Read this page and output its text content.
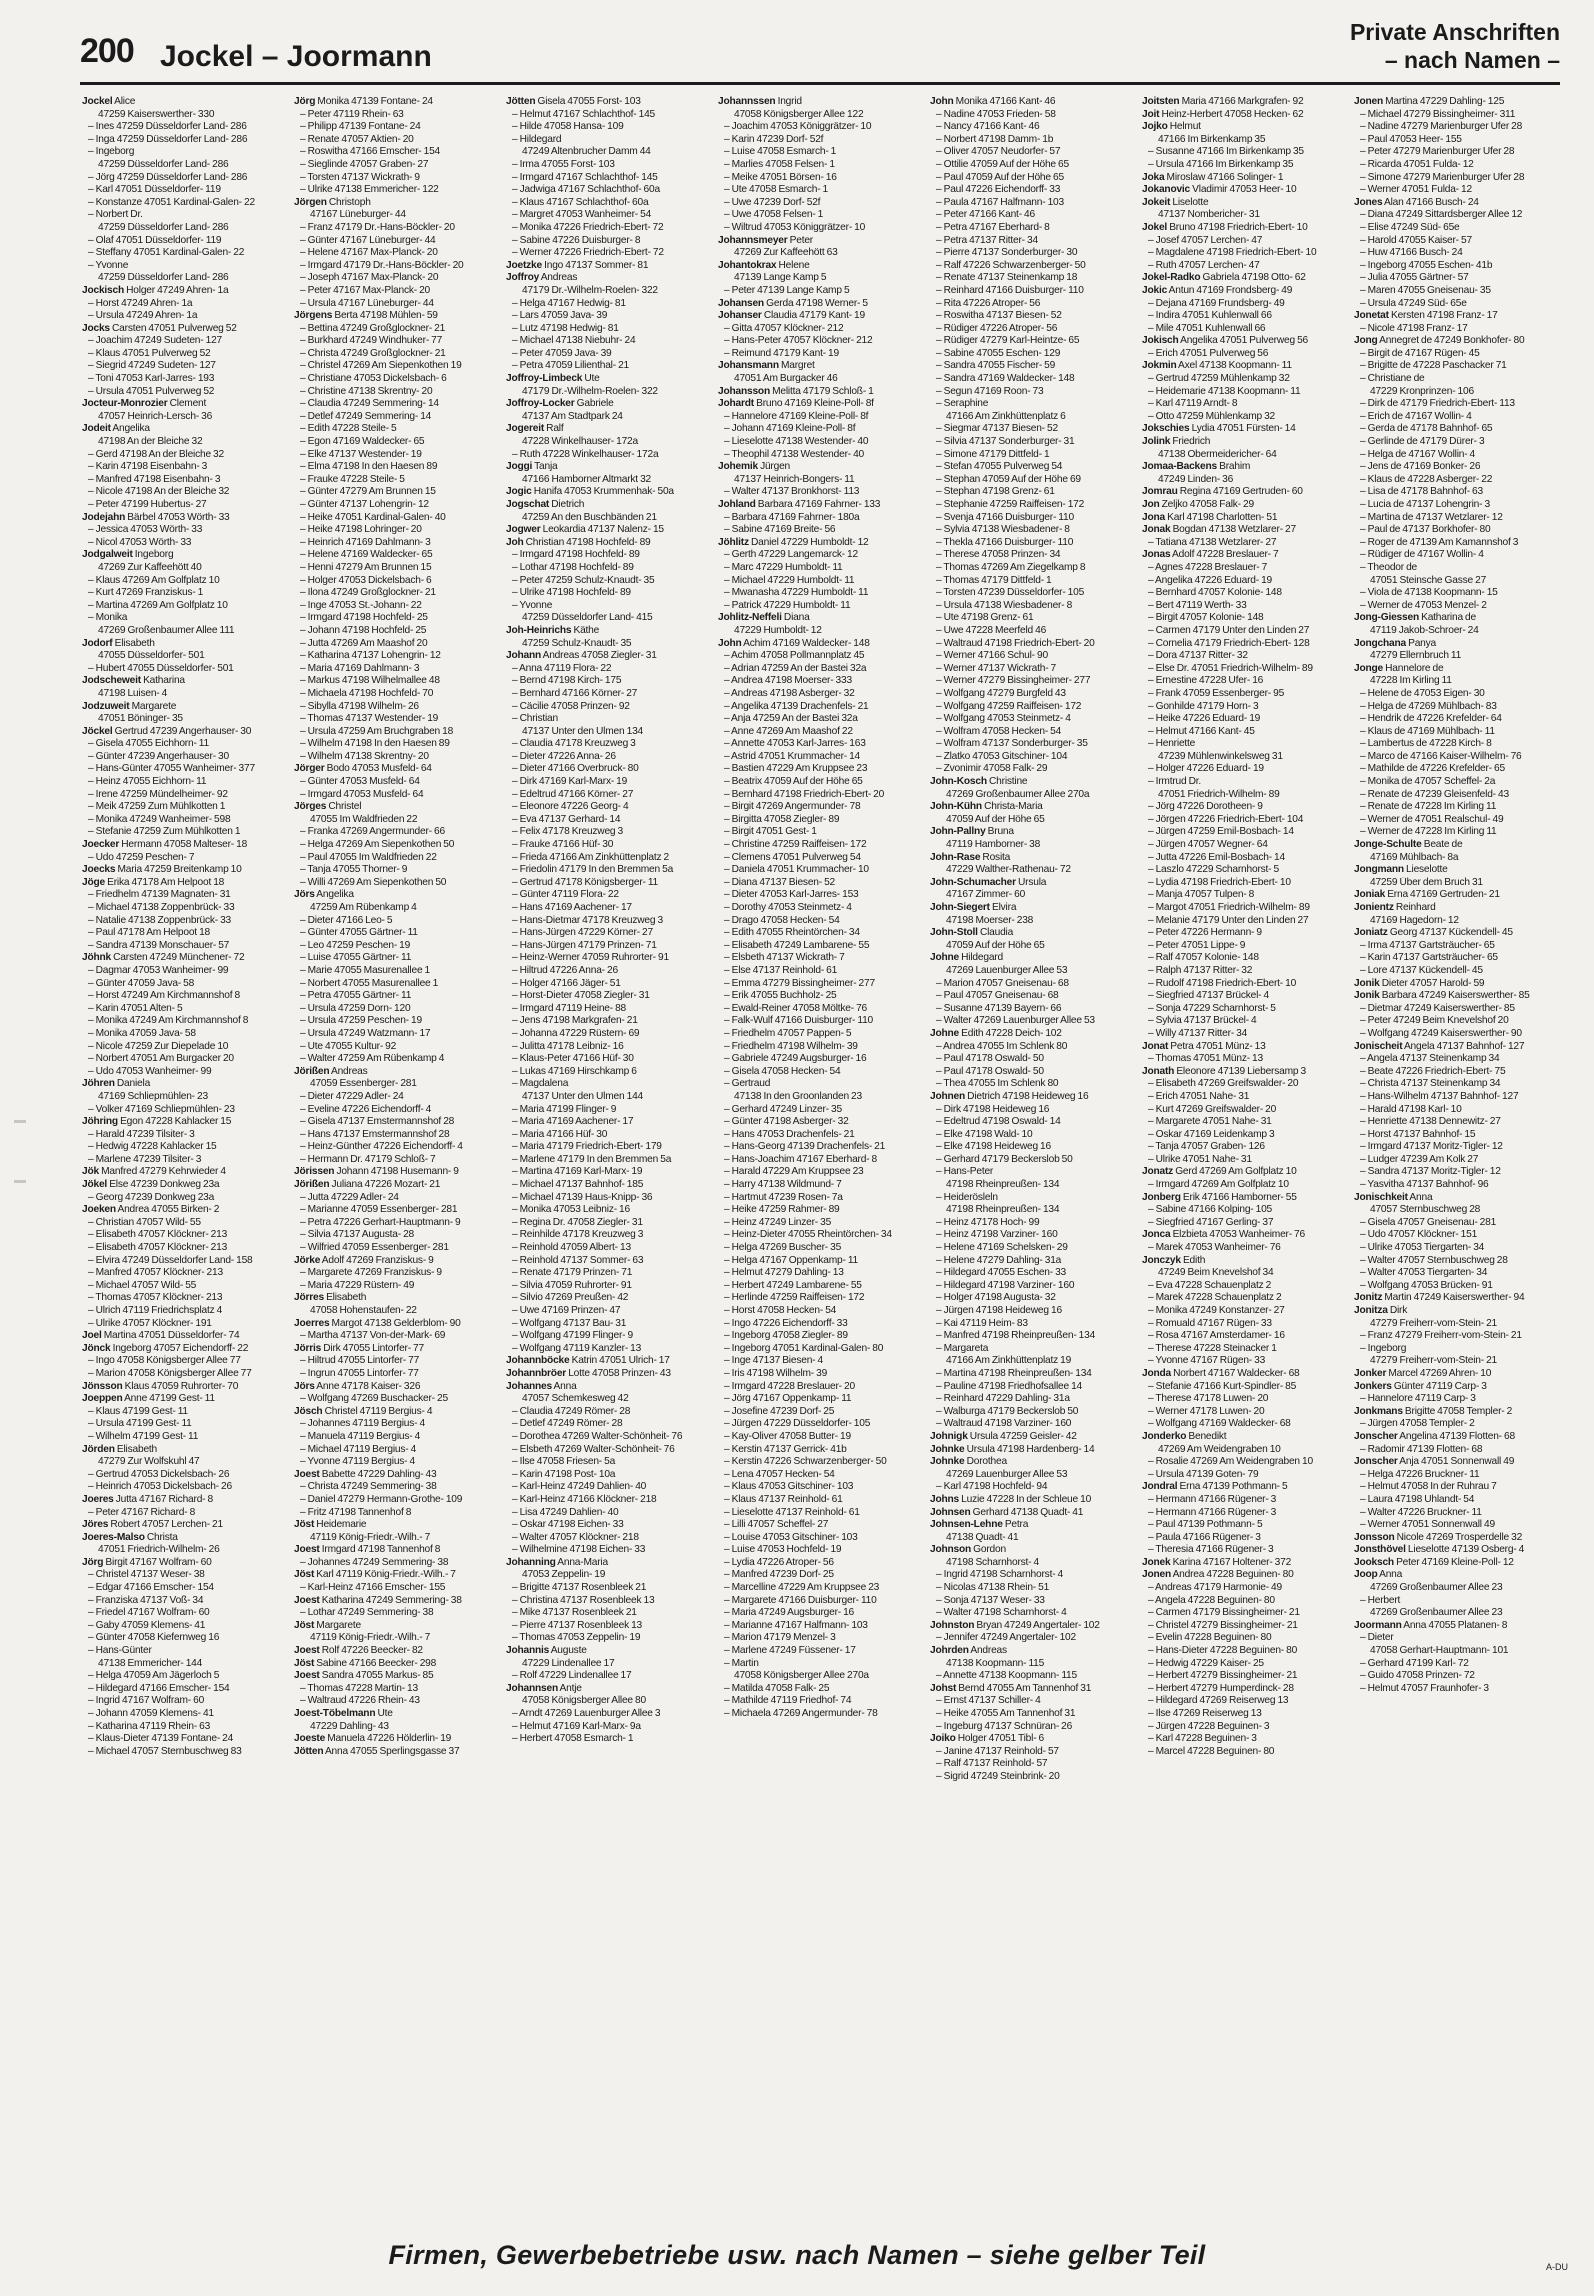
200 Jockel – Joormann
Private Anschriften
– nach Namen –
Jockel Alice
47259 Kaiserswerther- 330
– Ines 47259 Düsseldorfer Land- 286
– Inga 47259 Düsseldorfer Land- 286
– Ingeborg
47259 Düsseldorfer Land- 286
– Jörg 47259 Düsseldorfer Land- 286
– Karl 47051 Düsseldorfer- 119
– Konstanze 47051 Kardinal-Galen- 22
– Norbert Dr.
47259 Düsseldorfer Land- 286
– Olaf 47051 Düsseldorfer- 119
– Steffany 47051 Kardinal-Galen- 22
– Yvonne
47259 Düsseldorfer Land- 286
Jockisch Holger 47249 Ahren- 1a
– Horst 47249 Ahren- 1a
– Ursula 47249 Ahren- 1a
Jocks Carsten 47051 Pulverweg 52
– Joachim 47249 Sudeten- 127
– Klaus 47051 Pulverweg 52
– Siegrid 47249 Sudeten- 127
– Toni 47053 Karl-Jarres- 193
– Ursula 47051 Pulverweg 52
Jocteur-Monrozier Clement
47057 Heinrich-Lersch- 36
Jodeit Angelika
47198 An der Bleiche 32
– Gerd 47198 An der Bleiche 32
– Karin 47198 Eisenbahn- 3
– Manfred 47198 Eisenbahn- 3
– Nicole 47198 An der Bleiche 32
– Peter 47199 Hubertus- 27
Jodejahn Bärbel 47053 Wörth- 33
– Jessica 47053 Wörth- 33
– Nicol 47053 Wörth- 33
Jodgalweit Ingeborg
47269 Zur Kaffeehött 40
– Klaus 47269 Am Golfplatz 10
– Kurt 47269 Franziskus- 1
– Martina 47269 Am Golfplatz 10
– Monika
47269 Großenbaumer Allee 111
Jodorf Elisabeth
47055 Düsseldorfer- 501
– Hubert 47055 Düsseldorfer- 501
Jodscheweit Katharina
47198 Luisen- 4
Jodzuweit Margarete
47051 Böninger- 35
Jöckel Gertrud 47239 Angerhauser- 30
– Gisela 47055 Eichhorn- 11
– Günter 47239 Angerhauser- 30
– Hans-Günter 47055 Wanheimer- 377
– Heinz 47055 Eichhorn- 11
– Irene 47259 Mündelheimer- 92
– Meik 47259 Zum Mühlkotten 1
– Monika 47249 Wanheimer- 598
– Stefanie 47259 Zum Mühlkotten 1
Joecker Hermann 47058 Malteser- 18
– Udo 47259 Peschen- 7
Joecks Maria 47259 Breitenkamp 10
Jöge Erika 47178 Am Helpoot 18
– Friedhelm 47139 Magnaten- 31
– Michael 47138 Zoppenbrück- 33
– Natalie 47138 Zoppenbrück- 33
– Paul 47178 Am Helpoot 18
– Sandra 47139 Monschauer- 57
Jöhnk Carsten 47249 Münchener- 72
– Dagmar 47053 Wanheimer- 99
– Günter 47059 Java- 58
– Horst 47249 Am Kirchmannshof 8
– Karin 47051 Alten- 5
– Monika 47249 Am Kirchmannshof 8
– Monika 47059 Java- 58
– Nicole 47259 Zur Diepelade 10
– Norbert 47051 Am Burgacker 20
– Udo 47053 Wanheimer- 99
Jöhren Daniela
47169 Schliepmühlen- 23
– Volker 47169 Schliepmühlen- 23
Jöhring Egon 47228 Kahlacker 15
– Harald 47239 Tilsiter- 3
– Hedwig 47228 Kahlacker 15
– Marlene 47239 Tilsiter- 3
Jök Manfred 47279 Kehrwieder 4
Jökel Else 47239 Donkweg 23a
– Georg 47239 Donkweg 23a
Joeken Andrea 47055 Birken- 2
– Christian 47057 Wild- 55
– Elisabeth 47057 Klöckner- 213
– Elisabeth 47057 Klöckner- 213
– Elvira 47249 Düsseldorfer Land- 158
– Manfred 47057 Klöckner- 213
– Michael 47057 Wild- 55
– Thomas 47057 Klöckner- 213
– Ulrich 47119 Friedrichsplatz 4
– Ulrike 47057 Klöckner- 191
Joel Martina 47051 Düsseldorfer- 74
Jönck Ingeborg 47057 Eichendorff- 22
– Ingo 47058 Königsberger Allee 77
– Marion 47058 Königsberger Allee 77
Jönsson Klaus 47059 Ruhrorter- 70
Joeppen Anne 47199 Gest- 11
– Klaus 47199 Gest- 11
– Ursula 47199 Gest- 11
– Wilhelm 47199 Gest- 11
Jörden Elisabeth
47279 Zur Wolfskuhl 47
– Gertrud 47053 Dickelsbach- 26
– Heinrich 47053 Dickelsbach- 26
Joeres Jutta 47167 Richard- 8
– Peter 47167 Richard- 8
Jöres Robert 47057 Lerchen- 21
Joeres-Malso Christa
47051 Friedrich-Wilhelm- 26
Jörg Birgit 47167 Wolfram- 60
– Christel 47137 Weser- 38
– Edgar 47166 Emscher- 154
– Franziska 47137 Voß- 34
– Friedel 47167 Wolfram- 60
– Gaby 47059 Klemens- 41
– Günter 47058 Kiefernweg 16
– Hans-Günter
47138 Emmericher- 144
– Helga 47059 Am Jägerloch 5
– Hildegard 47166 Emscher- 154
– Ingrid 47167 Wolfram- 60
– Johann 47059 Klemens- 41
– Katharina 47119 Rhein- 63
– Klaus-Dieter 47139 Fontane- 24
– Michael 47057 Sternbuschweg 83
Jörg Monika 47139 Fontane- 24
– Peter 47119 Rhein- 63
– Philipp 47139 Fontane- 24
– Renate 47057 Aktien- 20
– Roswitha 47166 Emscher- 154
– Sieglinde 47057 Graben- 27
– Torsten 47137 Wickrath- 9
– Ulrike 47138 Emmericher- 122
Jörgen Christoph
47167 Lüneburger- 44
– Franz 47179 Dr.-Hans-Böckler- 20
– Günter 47167 Lüneburger- 44
– Helene 47167 Max-Planck- 20
– Irmgard 47179 Dr.-Hans-Böckler- 20
– Joseph 47167 Max-Planck- 20
– Peter 47167 Max-Planck- 20
– Ursula 47167 Lüneburger- 44
Jörgens Berta 47198 Mühlen- 59
– Bettina 47249 Großglockner- 21
– Burkhard 47249 Windhuker- 77
– Christa 47249 Großglockner- 21
– Christel 47269 Am Siepenkothen 19
– Christiane 47053 Dickelsbach- 6
– Christine 47138 Skrentny- 20
– Claudia 47249 Semmering- 14
– Detlef 47249 Semmering- 14
– Edith 47228 Steile- 5
– Egon 47169 Waldecker- 65
– Elke 47137 Westender- 19
– Elma 47198 In den Haesen 89
– Frauke 47228 Steile- 5
– Günter 47279 Am Brunnen 15
– Günter 47137 Lohengrin- 12
– Heike 47051 Kardinal-Galen- 40
– Heike 47198 Lohringer- 20
– Heinrich 47169 Dahlmann- 3
– Helene 47169 Waldecker- 65
– Henni 47279 Am Brunnen 15
– Holger 47053 Dickelsbach- 6
– Ilona 47249 Großglockner- 21
– Inge 47053 St.-Johann- 22
– Irmgard 47198 Hochfeld- 25
– Johann 47198 Hochfeld- 25
– Jutta 47269 Am Maashof 20
– Katharina 47137 Lohengrin- 12
– Maria 47169 Dahlmann- 3
– Markus 47198 Wilhelmallee 48
– Michaela 47198 Hochfeld- 70
– Sibylla 47198 Wilhelm- 26
– Thomas 47137 Westender- 19
– Ursula 47259 Am Bruchgraben 18
– Wilhelm 47198 In den Haesen 89
– Wilhelm 47138 Skrentny- 20
Jörger Bodo 47053 Musfeld- 64
– Günter 47053 Musfeld- 64
– Irmgard 47053 Musfeld- 64
Jörges Christel
47055 Im Waldfrieden 22
– Franka 47269 Angermunder- 66
– Helga 47269 Am Siepenkothen 50
– Paul 47055 Im Waldfrieden 22
– Tanja 47055 Thorner- 9
– Willi 47269 Am Siepenkothen 50
Jörs Angelika
47259 Am Rübenkamp 4
– Dieter 47166 Leo- 5
– Günter 47055 Gärtner- 11
– Leo 47259 Peschen- 19
– Luise 47055 Gärtner- 11
– Marie 47055 Masurenallee 1
– Norbert 47055 Masurenallee 1
– Petra 47055 Gärtner- 11
– Ursula 47259 Dorn- 120
– Ursula 47259 Peschen- 19
– Ursula 47249 Watzmann- 17
– Ute 47055 Kultur- 92
– Walter 47259 Am Rübenkamp 4
Jörißen Andreas
47059 Essenberger- 281
– Dieter 47229 Adler- 24
– Eveline 47226 Eichendorff- 4
– Gisela 47137 Emstermannshof 28
– Hans 47137 Emstermannshof 28
– Heinz-Günther 47226 Eichendorff- 4
– Hermann Dr. 47179 Schloß- 7
Jörissen Johann 47198 Husemann- 9
Jörißen Juliana 47226 Mozart- 21
– Jutta 47229 Adler- 24
– Marianne 47059 Essenberger- 281
– Petra 47226 Gerhart-Hauptmann- 9
– Silvia 47137 Augusta- 28
– Wilfried 47059 Essenberger- 281
Jörke Adolf 47269 Franziskus- 9
– Margarete 47269 Franziskus- 9
– Maria 47229 Rüstern- 49
Jörres Elisabeth
47058 Hohenstaufen- 22
Joerres Margot 47138 Gelderblom- 90
– Martha 47137 Von-der-Mark- 69
Jörris Dirk 47055 Lintorfer- 77
– Hiltrud 47055 Lintorfer- 77
– Ingrun 47055 Lintorfer- 77
Jörs Anne 47178 Kaiser- 326
– Wolfgang 47269 Buschacker- 25
Jösch Christel 47119 Bergius- 4
– Johannes 47119 Bergius- 4
– Manuela 47119 Bergius- 4
– Michael 47119 Bergius- 4
– Yvonne 47119 Bergius- 4
Joest Babette 47229 Dahling- 43
– Christa 47249 Semmering- 38
– Daniel 47279 Hermann-Grothe- 109
– Fritz 47198 Tannenhof 8
Jöst Heidemarie
47119 König-Friedr.-Wilh.- 7
Joest Irmgard 47198 Tannenhof 8
– Johannes 47249 Semmering- 38
Jöst Karl 47119 König-Friedr.-Wilh.- 7
– Karl-Heinz 47166 Emscher- 155
Joest Katharina 47249 Semmering- 38
– Lothar 47249 Semmering- 38
Jöst Margarete
47119 König-Friedr.-Wilh.- 7
Joest Rolf 47226 Beecker- 82
Jöst Sabine 47166 Beecker- 298
Joest Sandra 47055 Markus- 85
– Thomas 47228 Martin- 13
– Waltraud 47226 Rhein- 43
Joest-Töbelmann Ute
47229 Dahling- 43
Joeste Manuela 47226 Hölderlin- 19
Jötten Anna 47055 Sperlingsgasse 37
Jötten Gisela 47055 Forst- 103
– Helmut 47167 Schlachthof- 145
– Hilde 47058 Hansa- 109
– Hildegard
47249 Altenbrucher Damm 44
– Irma 47055 Forst- 103
– Irmgard 47167 Schlachthof- 145
– Jadwiga 47167 Schlachthof- 60a
– Klaus 47167 Schlachthof- 60a
– Margret 47053 Wanheimer- 54
– Monika 47226 Friedrich-Ebert- 72
– Sabine 47226 Duisburger- 8
– Werner 47226 Friedrich-Ebert- 72
Joetzke Ingo 47137 Sommer- 81
Joffroy Andreas
47179 Dr.-Wilhelm-Roelen- 322
– Helga 47167 Hedwig- 81
– Lars 47059 Java- 39
– Lutz 47198 Hedwig- 81
– Michael 47138 Niebuhr- 24
– Peter 47059 Java- 39
– Petra 47059 Lilienthal- 21
Joffroy-Limbeck Ute
47179 Dr.-Wilhelm-Roelen- 322
Joffroy-Locker Gabriele
47137 Am Stadtpark 24
Jogereit Ralf
47228 Winkelhauser- 172a
– Ruth 47228 Winkelhauser- 172a
Joggi Tanja
47166 Hamborner Altmarkt 32
Jogic Hanifa 47053 Krummenhak- 50a
Jogschat Dietrich
47259 An den Buschbänden 21
Jogwer Leokardia 47137 Nalenz- 15
Joh Christian 47198 Hochfeld- 89
– Irmgard 47198 Hochfeld- 89
– Lothar 47198 Hochfeld- 89
– Peter 47259 Schulz-Knaudt- 35
– Ulrike 47198 Hochfeld- 89
– Yvonne
47259 Düsseldorfer Land- 415
Joh-Heinrichs Käthe
47259 Schulz-Knaudt- 35
Johann Andreas 47058 Ziegler- 31
– Anna 47119 Flora- 22
– Bernd 47198 Kirch- 175
– Bernhard 47166 Körner- 27
– Cäcilie 47058 Prinzen- 92
– Christian
47137 Unter den Ulmen 134
– Claudia 47178 Kreuzweg 3
– Dieter 47226 Anna- 26
– Dieter 47166 Overbruck- 80
– Dirk 47169 Karl-Marx- 19
– Edeltrud 47166 Körner- 27
– Eleonore 47226 Georg- 4
– Eva 47137 Gerhard- 14
– Felix 47178 Kreuzweg 3
– Frauke 47166 Hüf- 30
– Frieda 47166 Am Zinkhüttenplatz 2
– Friedolin 47179 In den Bremmen 5a
– Gertrud 47178 Königsberger- 11
– Günter 47119 Flora- 22
– Hans 47169 Aachener- 17
– Hans-Dietmar 47178 Kreuzweg 3
– Hans-Jürgen 47229 Körner- 27
– Hans-Jürgen 47179 Prinzen- 71
– Heinz-Werner 47059 Ruhrorter- 91
– Hiltrud 47226 Anna- 26
– Holger 47166 Jäger- 51
– Horst-Dieter 47058 Ziegler- 31
– Irmgard 47119 Heine- 88
– Jens 47198 Markgrafen- 21
– Johanna 47229 Rüstern- 69
– Julitta 47178 Leibniz- 16
– Klaus-Peter 47166 Hüf- 30
– Lukas 47169 Hirschkamp 6
– Magdalena
47137 Unter den Ulmen 144
– Maria 47199 Flinger- 9
– Maria 47169 Aachener- 17
– Maria 47166 Hüf- 30
– Maria 47179 Friedrich-Ebert- 179
– Marlene 47179 In den Bremmen 5a
– Martina 47169 Karl-Marx- 19
– Michael 47137 Bahnhof- 185
– Michael 47139 Haus-Knipp- 36
– Monika 47053 Leibniz- 16
– Regina Dr. 47058 Ziegler- 31
– Reinhilde 47178 Kreuzweg 3
– Reinhold 47059 Albert- 13
– Reinhold 47137 Sommer- 63
– Renate 47179 Prinzen- 71
– Silvia 47059 Ruhrorter- 91
– Silvio 47269 Preußen- 42
– Uwe 47169 Prinzen- 47
– Wolfgang 47137 Bau- 31
– Wolfgang 47199 Flinger- 9
– Wolfgang 47119 Kanzler- 13
Johannböcke Katrin 47051 Ulrich- 17
Johannbröer Lotte 47058 Prinzen- 43
Johannes Anna
47057 Schemkesweg 42
– Claudia 47249 Römer- 28
– Detlef 47249 Römer- 28
– Dorothea 47269 Walter-Schönheit- 76
– Elsbeth 47269 Walter-Schönheit- 76
– Ilse 47058 Friesen- 5a
– Karin 47198 Post- 10a
– Karl-Heinz 47249 Dahlien- 40
– Karl-Heinz 47166 Klöckner- 218
– Lisa 47249 Dahlien- 40
– Oskar 47198 Eichen- 33
– Walter 47057 Klöckner- 218
– Wilhelmine 47198 Eichen- 33
Johanning Anna-Maria
47053 Zeppelin- 19
– Brigitte 47137 Rosenbleek 21
– Christina 47137 Rosenbleek 13
– Mike 47137 Rosenbleek 21
– Pierre 47137 Rosenbleek 13
– Thomas 47053 Zeppelin- 19
Johannis Auguste
47229 Lindenallee 17
– Rolf 47229 Lindenallee 17
Johannsen Antje
47058 Königsberger Allee 80
– Arndt 47269 Lauenburger Allee 3
– Helmut 47169 Karl-Marx- 9a
– Herbert 47058 Esmarch- 1
Johannssen Ingrid
47058 Königsberger Allee 122
– Joachim 47053 Königgrätzer- 10
– Karin 47239 Dorf- 52f
– Luise 47058 Esmarch- 1
– Marlies 47058 Felsen- 1
– Meike 47051 Börsen- 16
– Ute 47058 Esmarch- 1
– Uwe 47239 Dorf- 52f
– Uwe 47058 Felsen- 1
– Wiltrud 47053 Königgrätzer- 10
Johannsmeyer Peter
47269 Zur Kaffeehött 63
Johantokrax Helene
47139 Lange Kamp 5
– Peter 47139 Lange Kamp 5
Johansen Gerda 47198 Werner- 5
Johanser Claudia 47179 Kant- 19
– Gitta 47057 Klöckner- 212
– Hans-Peter 47057 Klöckner- 212
– Reimund 47179 Kant- 19
Johansmann Margret
47051 Am Burgacker 46
Johansson Melitta 47179 Schloß- 1
Johardt Bruno 47169 Kleine-Poll- 8f
– Hannelore 47169 Kleine-Poll- 8f
– Johann 47169 Kleine-Poll- 8f
– Lieselotte 47138 Westender- 40
– Theophil 47138 Westender- 40
Johemik Jürgen
47137 Heinrich-Bongers- 11
– Walter 47137 Bronkhorst- 113
Johland Barbara 47169 Fahrner- 133
– Barbara 47169 Fahrner- 180a
– Sabine 47169 Breite- 56
Jöhlitz Daniel 47229 Humboldt- 12
– Gerth 47229 Langemarck- 12
– Marc 47229 Humboldt- 11
– Michael 47229 Humboldt- 11
– Mwanasha 47229 Humboldt- 11
– Patrick 47229 Humboldt- 11
Johlitz-Neffeli Diana
47229 Humboldt- 12
John Achim 47169 Waldecker- 148
– Achim 47058 Pollmannplatz 45
– Adrian 47259 An der Bastei 32a
– Andrea 47198 Moerser- 333
– Andreas 47198 Asberger- 32
– Angelika 47139 Drachenfels- 21
– Anja 47259 An der Bastei 32a
– Anne 47269 Am Maashof 22
– Annette 47053 Karl-Jarres- 163
– Astrid 47051 Krummacher- 14
– Bastien 47229 Am Kruppsee 23
– Beatrix 47059 Auf der Höhe 65
– Bernhard 47198 Friedrich-Ebert- 20
– Birgit 47269 Angermunder- 78
– Birgitta 47058 Ziegler- 89
– Birgit 47051 Gest- 1
– Christine 47259 Raiffeisen- 172
– Clemens 47051 Pulverweg 54
– Daniela 47051 Krummacher- 10
– Diana 47137 Biesen- 52
– Dieter 47053 Karl-Jarres- 153
– Dorothy 47053 Steinmetz- 4
– Drago 47058 Hecken- 54
– Edith 47055 Rheintörchen- 34
– Elisabeth 47249 Lambarene- 55
– Elsbeth 47137 Wickrath- 7
– Else 47137 Reinhold- 61
– Emma 47279 Bissingheimer- 277
– Erik 47055 Buchholz- 25
– Ewald-Reiner 47058 Möltke- 76
– Falk-Wulf 47166 Duisburger- 110
– Friedhelm 47057 Pappen- 5
– Friedhelm 47198 Wilhelm- 39
– Gabriele 47249 Augsburger- 16
– Gisela 47058 Hecken- 54
– Gertraud
47138 In den Groonlanden 23
– Gerhard 47249 Linzer- 35
– Günter 47198 Asberger- 32
– Hans 47053 Drachenfels- 21
– Hans-Georg 47139 Drachenfels- 21
– Hans-Joachim 47167 Eberhard- 8
– Harald 47229 Am Kruppsee 23
– Harry 47138 Wildmund- 7
– Hartmut 47239 Rosen- 7a
– Heike 47259 Rahmer- 89
– Heinz 47249 Linzer- 35
– Heinz-Dieter 47055 Rheintörchen- 34
– Helga 47269 Buscher- 35
– Helga 47167 Oppenkamp- 11
– Helmut 47279 Dahling- 13
– Herbert 47249 Lambarene- 55
– Herlinde 47259 Raiffeisen- 172
– Horst 47058 Hecken- 54
– Ingo 47226 Eichendorff- 33
– Ingeborg 47058 Ziegler- 89
– Ingeborg 47051 Kardinal-Galen- 80
– Inge 47137 Biesen- 4
– Iris 47198 Wilhelm- 39
– Irmgard 47228 Breslauer- 20
– Jörg 47167 Oppenkamp- 11
– Josefine 47239 Dorf- 25
– Jürgen 47229 Düsseldorfer- 105
– Kay-Oliver 47058 Butter- 19
– Kerstin 47137 Gerrick- 41b
– Kerstin 47226 Schwarzenberger- 50
– Lena 47057 Hecken- 54
– Klaus 47053 Gitschiner- 103
– Klaus 47137 Reinhold- 61
– Lieselotte 47137 Reinhold- 61
– Lilli 47057 Scheffel- 27
– Louise 47053 Gitschiner- 103
– Luise 47053 Hochfeld- 19
– Lydia 47226 Atroper- 56
– Manfred 47239 Dorf- 25
– Marcelline 47229 Am Kruppsee 23
– Margarete 47166 Duisburger- 110
– Maria 47249 Augsburger- 16
– Marianne 47167 Halfmann- 103
– Marion 47179 Menzel- 3
– Marlene 47249 Füssener- 17
– Martin
47058 Königsberger Allee 270a
– Matilda 47058 Falk- 25
– Mathilde 47119 Friedhof- 74
– Michaela 47269 Angermunder- 78
John Monika 47166 Kant- 46
– Nadine 47053 Frieden- 58
– Nancy 47166 Kant- 46
– Norbert 47198 Damm- 1b
– Oliver 47057 Neudorfer- 57
– Ottilie 47059 Auf der Höhe 65
– Paul 47059 Auf der Höhe 65
– Paul 47226 Eichendorff- 33
– Paula 47167 Halfmann- 103
– Peter 47166 Kant- 46
– Petra 47167 Eberhard- 8
– Petra 47137 Ritter- 34
– Pierre 47137 Sonderburger- 30
– Ralf 47226 Schwarzenberger- 50
– Renate 47137 Steinenkamp 18
– Reinhard 47166 Duisburger- 110
– Rita 47226 Atroper- 56
– Roswitha 47137 Biesen- 52
– Rüdiger 47226 Atroper- 56
– Rüdiger 47279 Karl-Heintze- 65
– Sabine 47055 Eschen- 129
– Sandra 47055 Fischer- 59
– Sandra 47169 Waldecker- 148
– Segun 47169 Roon- 73
– Seraphine
47166 Am Zinkhüttenplatz 6
– Siegmar 47137 Biesen- 52
– Silvia 47137 Sonderburger- 31
– Simone 47179 Dittfeld- 1
– Stefan 47055 Pulverweg 54
– Stephan 47059 Auf der Höhe 69
– Stephan 47198 Grenz- 61
– Stephanie 47259 Raiffeisen- 172
– Svenja 47166 Duisburger- 110
– Sylvia 47138 Wiesbadener- 8
– Thekla 47166 Duisburger- 110
– Therese 47058 Prinzen- 34
– Thomas 47269 Am Ziegelkamp 8
– Thomas 47179 Dittfeld- 1
– Torsten 47239 Düsseldorfer- 105
– Ursula 47138 Wiesbadener- 8
– Ute 47198 Grenz- 61
– Uwe 47228 Meerfeld 46
– Waltraud 47198 Friedrich-Ebert- 20
– Werner 47166 Schul- 90
– Werner 47137 Wickrath- 7
– Werner 47279 Bissingheimer- 277
– Wolfgang 47279 Burgfeld 43
– Wolfgang 47259 Raiffeisen- 172
– Wolfgang 47053 Steinmetz- 4
– Wolfram 47058 Hecken- 54
– Wolfram 47137 Sonderburger- 35
– Zlatko 47053 Gitschiner- 104
– Zvonimir 47058 Falk- 29
John-Kosch Christine
47269 Großenbaumer Allee 270a
John-Kühn Christa-Maria
47059 Auf der Höhe 65
John-Pallny Bruna
47119 Hamborner- 38
John-Rase Rosita
47229 Walther-Rathenau- 72
John-Schumacher Ursula
47167 Zimmer- 60
John-Siegert Elvira
47198 Moerser- 238
John-Stoll Claudia
47059 Auf der Höhe 65
Johne Hildegard
47269 Lauenburger Allee 53
– Marion 47057 Gneisenau- 68
– Paul 47057 Gneisenau- 68
– Susanne 47139 Bayern- 66
– Walter 47269 Lauenburger Allee 53
Johne Edith 47228 Deich- 102
– Andrea 47055 Im Schlenk 80
– Paul 47178 Oswald- 50
– Paul 47178 Oswald- 50
– Thea 47055 Im Schlenk 80
Johnen Dietrich 47198 Heideweg 16
– Dirk 47198 Heideweg 16
– Edeltrud 47198 Oswald- 14
– Elke 47198 Wald- 10
– Elke 47198 Heideweg 16
– Gerhard 47179 Beckerslob 50
– Hans-Peter
47198 Rheinpreußen- 134
– Heiderösleln
47198 Rheinpreußen- 134
– Heinz 47178 Hoch- 99
– Heinz 47198 Varziner- 160
– Helene 47169 Schelsken- 29
– Helene 47279 Dahling- 31a
– Hildegard 47055 Eschen- 33
– Hildegard 47198 Varziner- 160
– Holger 47198 Augusta- 32
– Jürgen 47198 Heideweg 16
– Kai 47119 Heim- 83
– Manfred 47198 Rheinpreußen- 134
– Margareta
47166 Am Zinkhüttenplatz 19
– Martina 47198 Rheinpreußen- 134
– Pauline 47198 Friedhofsallee 14
– Reinhard 47229 Dahling- 31a
– Walburga 47179 Beckerslob 50
– Waltraud 47198 Varziner- 160
Johnigk Ursula 47259 Geisler- 42
Johnke Ursula 47198 Hardenberg- 14
Johnke Dorothea
47269 Lauenburger Allee 53
– Karl 47198 Hochfeld- 94
Johns Luzie 47228 In der Schleue 10
Johnsen Gerhard 47138 Quadt- 41
Johnsen-Lehne Petra
47138 Quadt- 41
Johnson Gordon
47198 Scharnhorst- 4
– Ingrid 47198 Scharnhorst- 4
– Nicolas 47138 Rhein- 51
– Sonja 47137 Weser- 33
– Walter 47198 Scharnhorst- 4
Johnston Bryan 47249 Angertaler- 102
– Jennifer 47249 Angertaler- 102
Johrden Andreas
47138 Koopmann- 115
– Annette 47138 Koopmann- 115
Johst Bernd 47055 Am Tannenhof 31
– Ernst 47137 Schiller- 4
– Heike 47055 Am Tannenhof 31
– Ingeburg 47137 Schnüran- 26
Joiko Holger 47051 Tibl- 6
– Janine 47137 Reinhold- 57
– Ralf 47137 Reinhold- 57
– Sigrid 47249 Steinbrink- 20
Joitsten Maria 47166 Markgrafen- 92
Joit Heinz-Herbert 47058 Hecken- 62
Jojko Helmut
47166 Im Birkenkamp 35
– Susanne 47166 Im Birkenkamp 35
– Ursula 47166 Im Birkenkamp 35
Joka Miroslaw 47166 Solinger- 1
Jokanovic Vladimir 47053 Heer- 10
Jokeit Liselotte
47137 Nombericher- 31
Jokel Bruno 47198 Friedrich-Ebert- 10
– Josef 47057 Lerchen- 47
– Magdalene 47198 Friedrich-Ebert- 10
– Ruth 47057 Lerchen- 47
Jokel-Radko Gabriela 47198 Otto- 62
Jokic Antun 47169 Frondsberg- 49
– Dejana 47169 Frundsberg- 49
– Indira 47051 Kuhlenwall 66
– Mile 47051 Kuhlenwall 66
Jokisch Angelika 47051 Pulverweg 56
– Erich 47051 Pulverweg 56
Jokmin Axel 47138 Koopmann- 11
– Gertrud 47259 Mühlenkamp 32
– Heidemarie 47138 Koopmann- 11
– Karl 47119 Arndt- 8
– Otto 47259 Mühlenkamp 32
Jokschies Lydia 47051 Fürsten- 14
Jolink Friedrich
47138 Obermeidericher- 64
Jomaa-Backens Brahim
47249 Linden- 36
Jomrau Regina 47169 Gertruden- 60
Jon Zeljko 47058 Falk- 29
Jona Karl 47198 Charlotten- 51
Jonak Bogdan 47138 Wetzlarer- 27
– Tatiana 47138 Wetzlarer- 27
Jonas Adolf 47228 Breslauer- 7
– Agnes 47228 Breslauer- 7
– Angelika 47226 Eduard- 19
– Bernhard 47057 Kolonie- 148
– Bert 47119 Werth- 33
– Birgit 47057 Kolonie- 148
– Carmen 47179 Unter den Linden 27
– Cornelia 47179 Friedrich-Ebert- 128
– Dora 47137 Ritter- 32
– Else Dr. 47051 Friedrich-Wilhelm- 89
– Ernestine 47228 Ufer- 16
– Frank 47059 Essenberger- 95
– Gonhilde 47179 Horn- 3
– Heike 47226 Eduard- 19
– Helmut 47166 Kant- 45
– Henriette
47239 Mühlenwinkelsweg 31
– Holger 47226 Eduard- 19
– Irmtrud Dr.
47051 Friedrich-Wilhelm- 89
– Jörg 47226 Dorotheen- 9
– Jörgen 47226 Friedrich-Ebert- 104
– Jürgen 47259 Emil-Bosbach- 14
– Jürgen 47057 Wegner- 64
– Jutta 47226 Emil-Bosbach- 14
– Laszlo 47229 Scharnhorst- 5
– Lydia 47198 Friedrich-Ebert- 10
– Manja 47057 Tulpen- 8
– Margot 47051 Friedrich-Wilhelm- 89
– Melanie 47179 Unter den Linden 27
– Peter 47226 Hermann- 9
– Peter 47051 Lippe- 9
– Ralf 47057 Kolonie- 148
– Ralph 47137 Ritter- 32
– Rudolf 47198 Friedrich-Ebert- 10
– Siegfried 47137 Brückel- 4
– Sonja 47229 Scharnhorst- 5
– Sylvia 47137 Brückel- 4
– Willy 47137 Ritter- 34
Jonat Petra 47051 Münz- 13
– Thomas 47051 Münz- 13
Jonath Eleonore 47139 Liebersamp 3
– Elisabeth 47269 Greifswalder- 20
– Erich 47051 Nahe- 31
– Kurt 47269 Greifswalder- 20
– Margarete 47051 Nahe- 31
– Oskar 47169 Leidenkamp 3
– Tanja 47057 Graben- 126
– Ulrike 47051 Nahe- 31
Jonatz Gerd 47269 Am Golfplatz 10
– Irmgard 47269 Am Golfplatz 10
Jonberg Erik 47166 Hamborner- 55
– Sabine 47166 Kolping- 105
– Siegfried 47167 Gerling- 37
Jonca Elzbieta 47053 Wanheimer- 76
– Marek 47053 Wanheimer- 76
Jonczyk Edith
47249 Beim Knevelshof 34
– Eva 47228 Schauenplatz 2
– Marek 47228 Schauenplatz 2
– Monika 47249 Konstanzer- 27
– Romuald 47167 Rügen- 33
– Rosa 47167 Amsterdamer- 16
– Therese 47228 Steinacker 1
– Yvonne 47167 Rügen- 33
Jonda Norbert 47167 Waldecker- 68
– Stefanie 47166 Kurt-Spindler- 85
– Therese 47178 Luwen- 20
– Werner 47178 Luwen- 20
– Wolfgang 47169 Waldecker- 68
Jonderko Benedikt
47269 Am Weidengraben 10
– Rosalie 47269 Am Weidengraben 10
– Ursula 47139 Goten- 79
Jondral Erna 47139 Pothmann- 5
– Hermann 47166 Rügener- 3
– Hermann 47166 Rügener- 3
– Paul 47139 Pothmann- 5
– Paula 47166 Rügener- 3
– Theresia 47166 Rügener- 3
Jonek Karina 47167 Holtener- 372
Jonen Andrea 47228 Beguinen- 80
– Andreas 47179 Harmonie- 49
– Angela 47228 Beguinen- 80
– Carmen 47179 Bissingheimer- 21
– Christel 47279 Bissingheimer- 21
– Evelin 47228 Beguinen- 80
– Hans-Dieter 47228 Beguinen- 80
– Hedwig 47229 Kaiser- 25
– Herbert 47279 Bissingheimer- 21
– Herbert 47279 Humperdinck- 28
– Hildegard 47269 Reiserweg 13
– Ilse 47269 Reiserweg 13
– Jürgen 47228 Beguinen- 3
– Karl 47228 Beguinen- 3
– Marcel 47228 Beguinen- 80
Jonen Martina 47229 Dahling- 125
– Michael 47279 Bissingheimer- 311
– Nadine 47279 Marienburger Ufer 28
– Paul 47053 Heer- 155
– Peter 47279 Marienburger Ufer 28
– Ricarda 47051 Fulda- 12
– Simone 47279 Marienburger Ufer 28
– Werner 47051 Fulda- 12
Jones Alan 47166 Busch- 24
– Diana 47249 Sittardsberger Allee 12
– Elise 47249 Süd- 65e
– Harold 47055 Kaiser- 57
– Huw 47166 Busch- 24
– Ingeborg 47055 Eschen- 41b
– Julia 47055 Gärtner- 57
– Maren 47055 Gneisenau- 35
– Ursula 47249 Süd- 65e
Jonetat Kersten 47198 Franz- 17
– Nicole 47198 Franz- 17
Jong Annegret de 47249 Bonkhofer- 80
– Birgit de 47167 Rügen- 45
– Brigitte de 47228 Paschacker 71
– Christiane de
47229 Kronprinzen- 106
– Dirk de 47179 Friedrich-Ebert- 113
– Erich de 47167 Wollin- 4
– Gerda de 47178 Bahnhof- 65
– Gerlinde de 47179 Dürer- 3
– Helga de 47167 Wollin- 4
– Jens de 47169 Bonker- 26
– Klaus de 47228 Asberger- 22
– Lisa de 47178 Bahnhof- 63
– Lucia de 47137 Lohengrin- 3
– Martina de 47137 Wetzlarer- 12
– Paul de 47137 Borkhofer- 80
– Roger de 47139 Am Kamannshof 3
– Rüdiger de 47167 Wollin- 4
– Theodor de
47051 Steinsche Gasse 27
– Viola de 47138 Koopmann- 15
– Werner de 47053 Menzel- 2
Jong-Giessen Katharina de
47119 Jakob-Schroer- 24
Jongchana Panya
47279 Ellernbruch 11
Jonge Hannelore de
47228 Im Kirling 11
– Helene de 47053 Eigen- 30
– Helga de 47269 Mühlbach- 83
– Hendrik de 47226 Krefelder- 64
– Klaus de 47169 Mühlbach- 11
– Lambertus de 47228 Kirch- 8
– Marco de 47166 Kaiser-Wilhelm- 76
– Mathilde de 47226 Krefelder- 65
– Monika de 47057 Scheffel- 2a
– Renate de 47239 Gleisenfeld- 43
– Renate de 47228 Im Kirling 11
– Werner de 47051 Realschul- 49
– Werner de 47228 Im Kirling 11
Jonge-Schulte Beate de
47169 Mühlbach- 8a
Jongmann Lieselotte
47259 Über dem Bruch 31
Joniak Erna 47169 Gertruden- 21
Jonientz Reinhard
47169 Hagedorn- 12
Joniatz Georg 47137 Kückendell- 45
– Irma 47137 Gartsträucher- 65
– Karin 47137 Gartsträucher- 65
– Lore 47137 Kückendell- 45
Jonik Dieter 47057 Harold- 59
Jonik Barbara 47249 Kaiserswerther- 85
– Dietmar 47249 Kaiserswerther- 85
– Peter 47249 Beim Knevelshof 20
– Wolfgang 47249 Kaiserswerther- 90
Jonischeit Angela 47137 Bahnhof- 127
– Angela 47137 Steinenkamp 34
– Beate 47226 Friedrich-Ebert- 75
– Christa 47137 Steinenkamp 34
– Hans-Wilhelm 47137 Bahnhof- 127
– Harald 47198 Karl- 10
– Henriette 47138 Dennewitz- 27
– Horst 47137 Bahnhof- 15
– Irmgard 47137 Moritz-Tigler- 12
– Ludger 47239 Am Kolk 27
– Sandra 47137 Moritz-Tigler- 12
– Yasvitha 47137 Bahnhof- 96
Jonischkeit Anna
47057 Sternbuschweg 28
– Gisela 47057 Gneisenau- 281
– Udo 47057 Klöckner- 151
– Ulrike 47053 Tiergarten- 34
– Walter 47057 Sternbuschweg 28
– Walter 47053 Tiergarten- 34
– Wolfgang 47053 Brücken- 91
Jonitz Martin 47249 Kaiserswerther- 94
Jonitza Dirk
47279 Freiherr-vom-Stein- 21
– Franz 47279 Freiherr-vom-Stein- 21
– Ingeborg
47279 Freiherr-vom-Stein- 21
Jonker Marcel 47269 Ahren- 10
Jonkers Günter 47119 Carp- 3
– Hannelore 47119 Carp- 3
Jonkmans Brigitte 47058 Templer- 2
– Jürgen 47058 Templer- 2
Jonscher Angelina 47139 Flotten- 68
– Radomir 47139 Flotten- 68
Jonscher Anja 47051 Sonnenwall 49
– Helga 47226 Bruckner- 11
– Helmut 47058 In der Ruhrau 7
– Laura 47198 Uhlandt- 54
– Walter 47226 Bruckner- 11
– Werner 47051 Sonnenwall 49
Jonsson Nicole 47269 Trosperdelle 32
Jonsthövel Lieselotte 47139 Osberg- 4
Jooksch Peter 47169 Kleine-Poll- 12
Joop Anna
47269 Großenbaumer Allee 23
– Herbert
47269 Großenbaumer Allee 23
Joormann Anna 47055 Platanen- 8
– Dieter
47058 Gerhart-Hauptmann- 101
– Gerhard 47199 Karl- 72
– Guido 47058 Prinzen- 72
– Helmut 47057 Fraunhofer- 3
Firmen, Gewerbebetriebe usw. nach Namen – siehe gelber Teil	A-DU
